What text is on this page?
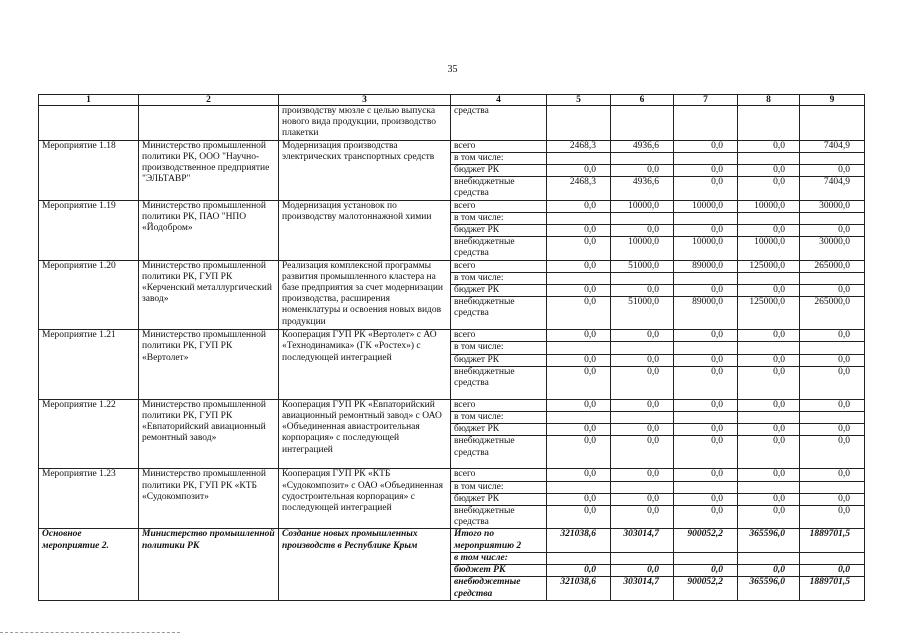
35
1	2	3	4	5	6	7	8	9
		производству мюзле с целью выпуска нового вида продукции, производство плакетки	средства					
Мероприятие 1.18	Министерство промышленной политики РК, ООО "Научно-производственное предприятие "ЭЛЬТАВР"	Модернизация производства электрических транспортных средств	всего	2468,3	4936,6	0,0	0,0	7404,9
			в том числе:					
			бюджет РК	0,0	0,0	0,0	0,0	0,0
			внебюджетные средства	2468,3	4936,6	0,0	0,0	7404,9
Мероприятие 1.19	Министерство промышленной политики РК, ПАО "НПО «Йодобром»	Модернизация установок по производству малотоннажной химии	всего	0,0	10000,0	10000,0	10000,0	30000,0
			в том числе:					
			бюджет РК	0,0	0,0	0,0	0,0	0,0
			внебюджетные средства	0,0	10000,0	10000,0	10000,0	30000,0
Мероприятие 1.20	Министерство промышленной политики РК, ГУП РК «Керченский металлургический завод»	Реализация комплексной программы развития промышленного кластера на базе предприятия за счет модернизации производства, расширения номенклатуры и освоения новых видов продукции	всего	0,0	51000,0	89000,0	125000,0	265000,0
			в том числе:					
			бюджет РК	0,0	0,0	0,0	0,0	0,0
			внебюджетные средства	0,0	51000,0	89000,0	125000,0	265000,0
Мероприятие 1.21	Министерство промышленной политики РК, ГУП РК «Вертолет»	Кооперация ГУП РК «Вертолет» с АО «Технодинамика» (ГК «Ростех») с последующей интеграцией	всего	0,0	0,0	0,0	0,0	0,0
			в том числе:					
			бюджет РК	0,0	0,0	0,0	0,0	0,0
			внебюджетные средства	0,0	0,0	0,0	0,0	0,0
Мероприятие 1.22	Министерство промышленной политики РК, ГУП РК «Евпаторийский авиационный ремонтный завод»	Кооперация ГУП РК «Евпаторийский авиационный ремонтный завод» с ОАО «Объединенная авиастроительная корпорация» с последующей интеграцией	всего	0,0	0,0	0,0	0,0	0,0
			в том числе:					
			бюджет РК	0,0	0,0	0,0	0,0	0,0
			внебюджетные средства	0,0	0,0	0,0	0,0	0,0
Мероприятие 1.23	Министерство промышленной политики РК, ГУП РК «КТБ «Судокомпозит»	Кооперация ГУП РК «КТБ «Судокомпозит» с ОАО «Объединенная судостроительная корпорация» с последующей интеграцией	всего	0,0	0,0	0,0	0,0	0,0
			в том числе:					
			бюджет РК	0,0	0,0	0,0	0,0	0,0
			внебюджетные средства	0,0	0,0	0,0	0,0	0,0
Основное мероприятие 2.	Министерство промышленной политики РК	Создание новых промышленных производств в Республике Крым	Итого по мероприятию 2	321038,6	303014,7	900052,2	365596,0	1889701,5
			в том числе:					
			бюджет РК	0,0	0,0	0,0	0,0	0,0
			внебюджетные средства	321038,6	303014,7	900052,2	365596,0	1889701,5
